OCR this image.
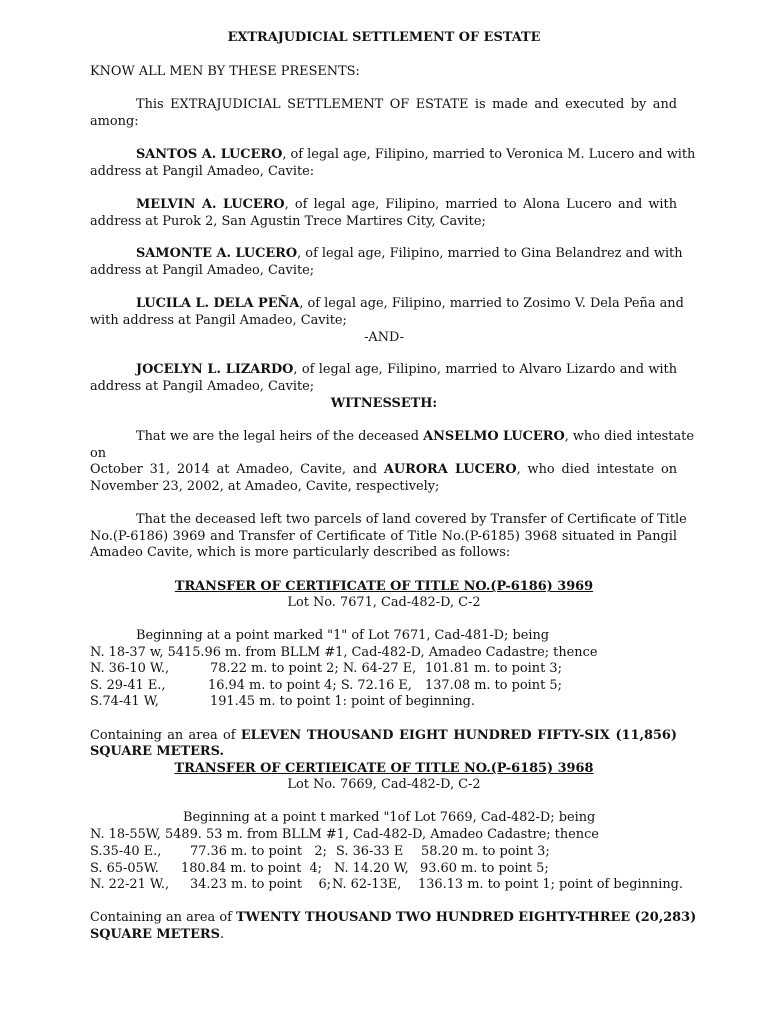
EXTRAJUDICIAL SETTLEMENT OF ESTATE
KNOW ALL MEN BY THESE PRESENTS:
This EXTRAJUDICIAL SETTLEMENT OF ESTATE is made and executed by and
among:
SANTOS A. LUCERO, of legal age, Filipino, married to Veronica M. Lucero and with
address at Pangil Amadeo, Cavite:
MELVIN A. LUCERO, of legal age, Filipino, married to Alona Lucero and with
address at Purok 2, San Agustin Trece Martires City, Cavite;
SAMONTE A. LUCERO, of legal age, Filipino, married to Gina Belandrez and with
address at Pangil Amadeo, Cavite;
LUCILA L. DELA PEÑA, of legal age, Filipino, married to Zosimo V. Dela Peña and
with address at Pangil Amadeo, Cavite;
-AND-
JOCELYN L. LIZARDO, of legal age, Filipino, married to Alvaro Lizardo and with
address at Pangil Amadeo, Cavite;
WITNESSETH:
That we are the legal heirs of the deceased ANSELMO LUCERO, who died intestate
on
October 31, 2014 at Amadeo, Cavite, and AURORA LUCERO, who died intestate on
November 23, 2002, at Amadeo, Cavite, respectively;
That the deceased left two parcels of land covered by Transfer of Certificate of Title
No.(P-6186) 3969 and Transfer of Certificate of Title No.(P-6185) 3968 situated in Pangil
Amadeo Cavite, which is more particularly described as follows:
TRANSFER OF CERTIFICATE OF TITLE NO.(P-6186) 3969
Lot No. 7671, Cad-482-D, C-2
Beginning at a point marked "1" of Lot 7671, Cad-481-D; being
N. 18-37 w, 5415.96 m. from BLLM #1, Cad-482-D, Amadeo Cadastre; thence
N. 36-10 W.,	78.22 m. to point 2; N. 64-27 E, 101.81 m. to point 3;
S. 29-41 E.,	16.94 m. to point 4; S. 72.16 E, 137.08 m. to point 5;
S.74-41 W,	191.45 m. to point 1: point of beginning.
Containing an area of ELEVEN THOUSAND EIGHT HUNDRED FIFTY-SIX (11,856)
SQUARE METERS.
TRANSFER OF CERTIEICATE OF TITLE NO.(P-6185) 3968
Lot No. 7669, Cad-482-D, C-2
Beginning at a point t marked "1of Lot 7669, Cad-482-D; being
N. 18-55W, 5489. 53 m. from BLLM #1, Cad-482-D, Amadeo Cadastre; thence
S.35-40 E., 77.36 m. to point   2; S. 36-33 E 58.20 m. to point 3;
S. 65-05W. 180.84 m. to point  4; N. 14.20 W, 93.60 m. to point 5;
N. 22-21 W., 34.23 m. to point    6; N. 62-13E, 136.13 m. to point 1; point of beginning.
Containing an area of TWENTY THOUSAND TWO HUNDRED EIGHTY-THREE (20,283)
SQUARE METERS.
